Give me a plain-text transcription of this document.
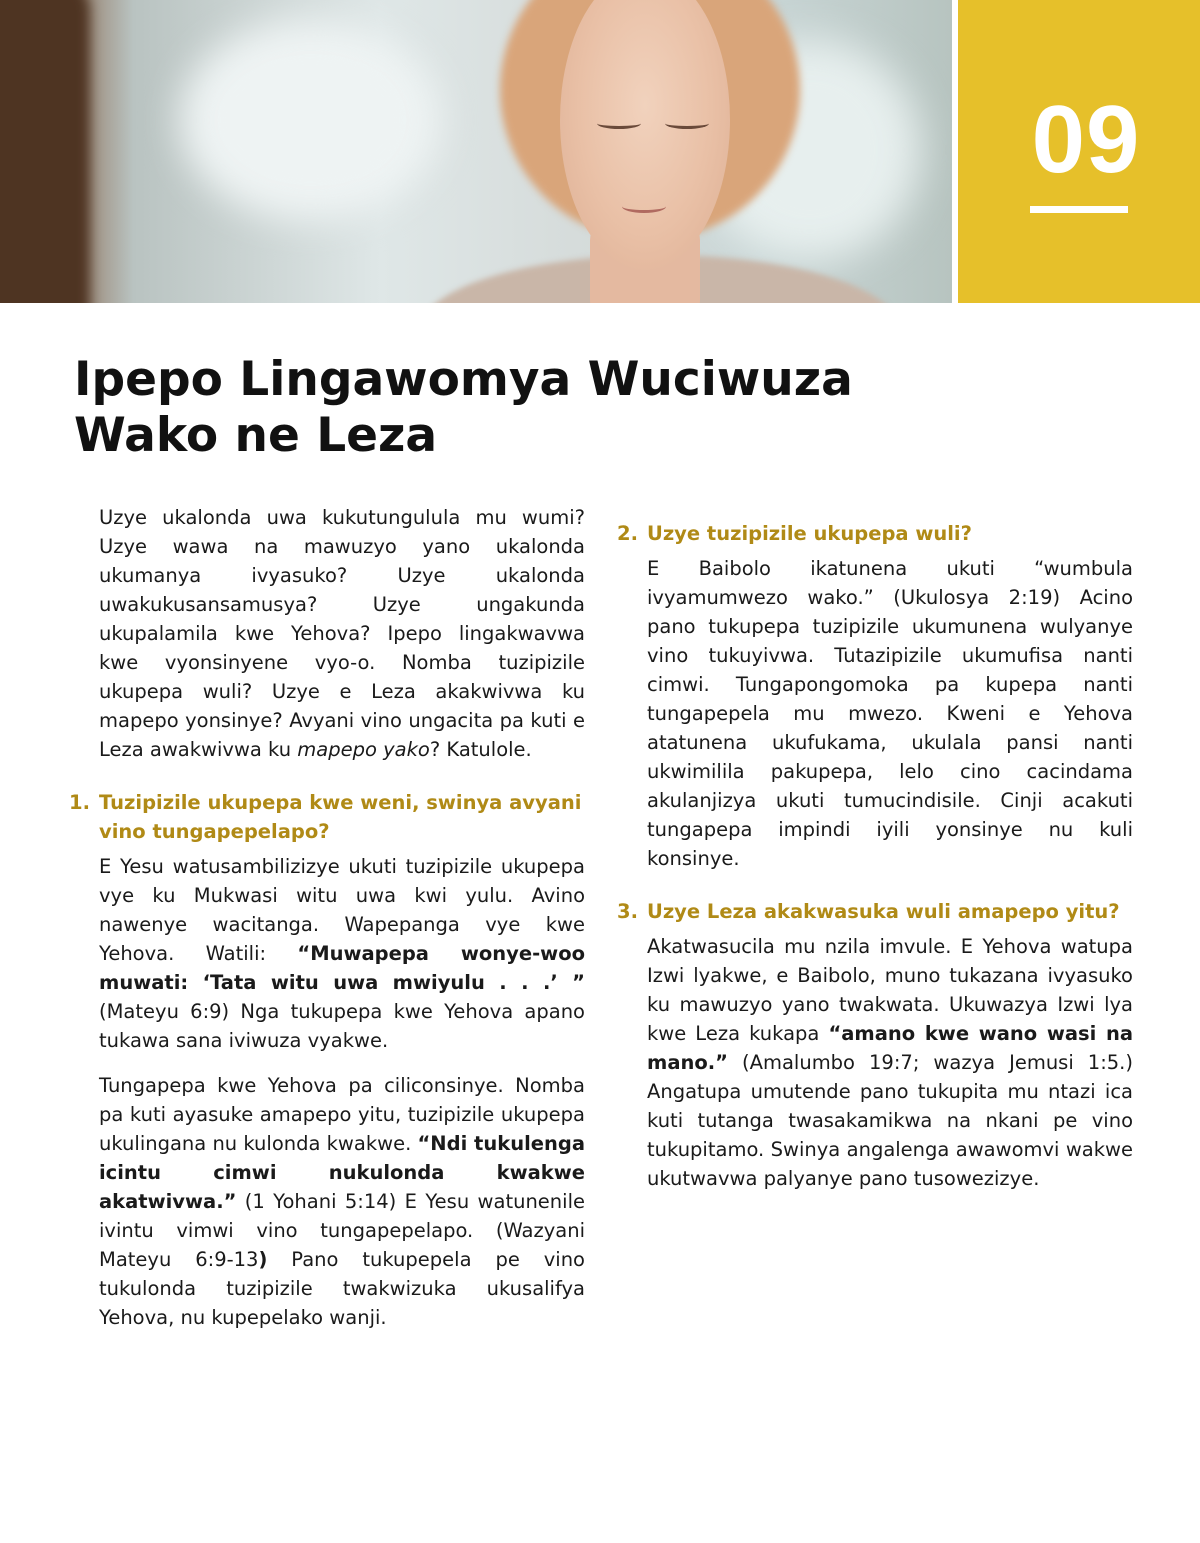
09
Ipepo Lingawomya Wuciwuza Wako ne Leza

Uzye ukalonda uwa kukutungulula mu wumi? Uzye wawa na mawuzyo yano ukalonda ukumanya ivyasuko? Uzye ukalonda uwakukusansamusya? Uzye ungakunda ukupalamila kwe Yehova? Ipepo lingakwavwa kwe vyonsinyene vyo-o. Nomba tuzipizile ukupepa wuli? Uzye e Leza akakwivwa ku mapepo yonsinye? Avyani vino ungacita pa kuti e Leza awakwivwa ku mapepo yako? Katulole.

1. Tuzipizile ukupepa kwe weni, swinya avyani vino tungapepelapo?

E Yesu watusambilizizye ukuti tuzipizile ukupepa vye ku Mukwasi witu uwa kwi yulu. Avino nawenye wacitanga. Wapepanga vye kwe Yehova. Watili: “Muwapepa wonye-woo muwati: ‘Tata witu uwa mwiyulu . . .’ ” (Mateyu 6:9) Nga tukupepa kwe Yehova apano tukawa sana iviwuza vyakwe.

Tungapepa kwe Yehova pa ciliconsinye. Nomba pa kuti ayasuke amapepo yitu, tuzipizile ukupepa ukulingana nu kulonda kwakwe. “Ndi tukulenga icintu cimwi nukulonda kwakwe akatwivwa.” (1 Yohani 5:14) E Yesu watunenile ivintu vimwi vino tungapepelapo. (Wazyani Mateyu 6:9-13) Pano tukupepela pe vino tukulonda tuzipizile twakwizuka ukusalifya Yehova, nu kupepelako wanji.

2. Uzye tuzipizile ukupepa wuli?

E Baibolo ikatunena ukuti “wumbula ivyamumwezo wako.” (Ukulosya 2:19) Acino pano tukupepa tuzipizile ukumunena wulyanye vino tukuyivwa. Tutazipizile ukumufisa nanti cimwi. Tungapongomoka pa kupepa nanti tungapepela mu mwezo. Kweni e Yehova atatunena ukufukama, ukulala pansi nanti ukwimilila pakupepa, lelo cino cacindama akulanjizya ukuti tumucindisile. Cinji acakuti tungapepa impindi iyili yonsinye nu kuli konsinye.

3. Uzye Leza akakwasuka wuli amapepo yitu?

Akatwasucila mu nzila imvule. E Yehova watupa Izwi lyakwe, e Baibolo, muno tukazana ivyasuko ku mawuzyo yano twakwata. Ukuwazya Izwi lya kwe Leza kukapa “amano kwe wano wasi na mano.” (Amalumbo 19:7; wazya Jemusi 1:5.) Angatupa umutende pano tukupita mu ntazi ica kuti tutanga twasakamikwa na nkani pe vino tukupitamo. Swinya angalenga awawomvi wakwe ukutwavwa palyanye pano tusowezizye.
